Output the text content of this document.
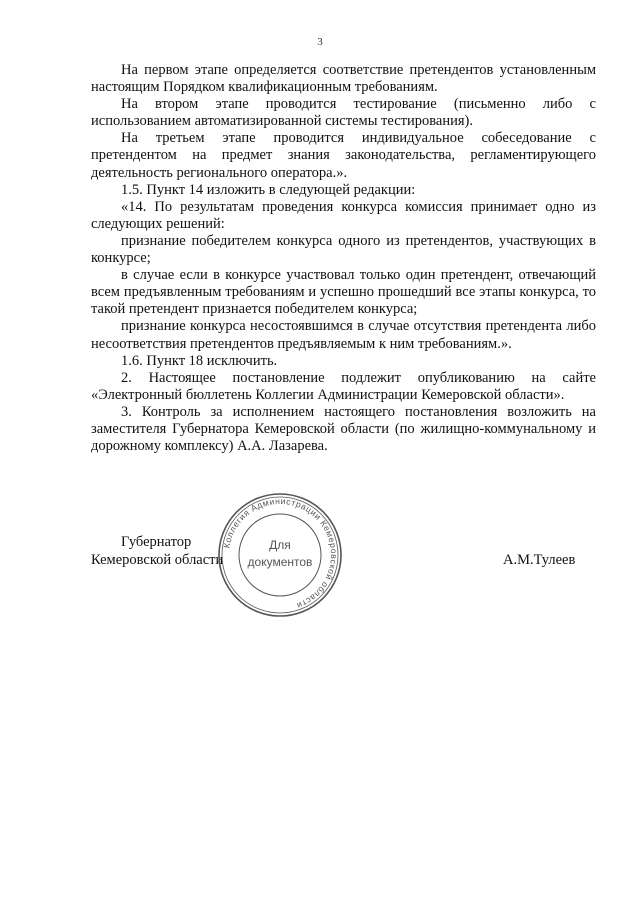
3

На первом этапе определяется соответствие претендентов установленным настоящим Порядком квалификационным требованиям.

На втором этапе проводится тестирование (письменно либо с использованием автоматизированной системы тестирования).

На третьем этапе проводится индивидуальное собеседование с претендентом на предмет знания законодательства, регламентирующего деятельность регионального оператора.».

1.5. Пункт 14 изложить в следующей редакции:

«14. По результатам проведения конкурса комиссия принимает одно из следующих решений:

признание победителем конкурса одного из претендентов, участвующих в конкурсе;

в случае если в конкурсе участвовал только один претендент, отвечающий всем предъявленным требованиям и успешно прошедший все этапы конкурса, то такой претендент признается победителем конкурса;

признание конкурса несостоявшимся в случае отсутствия претендента либо несоответствия претендентов предъявляемым к ним требованиям.».

1.6. Пункт 18 исключить.

2. Настоящее постановление подлежит опубликованию на сайте «Электронный бюллетень Коллегии Администрации Кемеровской области».

3. Контроль за исполнением настоящего постановления возложить на заместителя Губернатора Кемеровской области (по жилищно-коммунальному и дорожному комплексу) А.А. Лазарева.

Губернатор
Кемеровской области	А.М.Тулеев
Коллегия Администрации Кемеровской области
Для
документов
